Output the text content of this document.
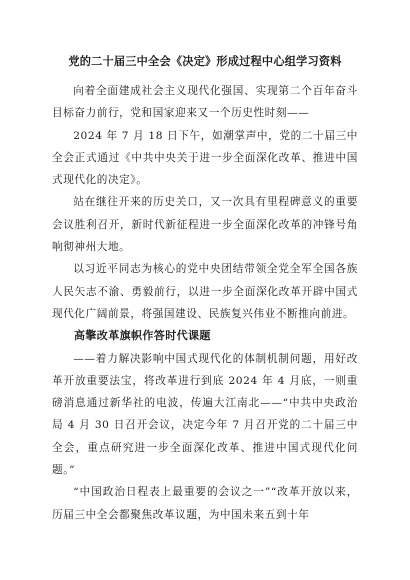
党的二十届三中全会《决定》形成过程中心组学习资料

向着全面建成社会主义现代化强国、实现第二个百年奋斗目标奋力前行，党和国家迎来又一个历史性时刻——

2024 年 7 月 18 日下午，如潮掌声中，党的二十届三中全会正式通过《中共中央关于进一步全面深化改革、推进中国式现代化的决定》。

站在继往开来的历史关口，又一次具有里程碑意义的重要会议胜利召开，新时代新征程进一步全面深化改革的冲锋号角响彻神州大地。

以习近平同志为核心的党中央团结带领全党全军全国各族人民矢志不渝、勇毅前行，以进一步全面深化改革开辟中国式现代化广阔前景，将强国建设、民族复兴伟业不断推向前进。

高擎改革旗帜作答时代课题

——着力解决影响中国式现代化的体制机制问题，用好改革开放重要法宝，将改革进行到底 2024 年 4 月底，一则重磅消息通过新华社的电波，传遍大江南北——“中共中央政治局 4 月 30 日召开会议，决定今年 7 月召开党的二十届三中全会，重点研究进一步全面深化改革、推进中国式现代化问题。”

“中国政治日程表上最重要的会议之一”“改革开放以来，历届三中全会都聚焦改革议题，为中国未来五到十年
